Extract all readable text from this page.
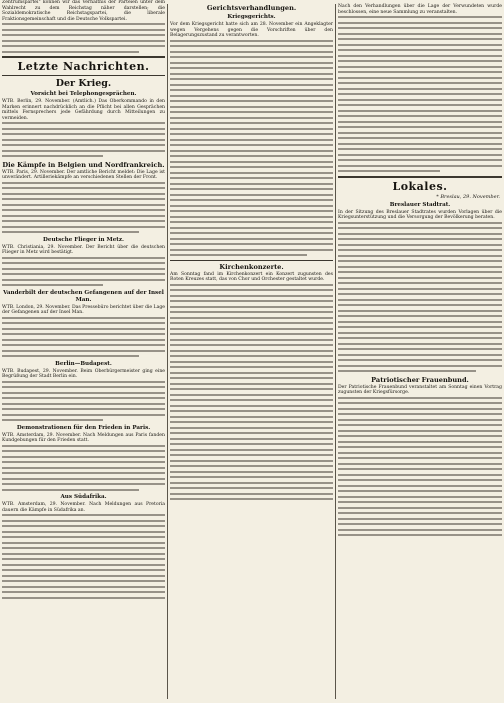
Zentrumspartei" können wir das Verhältnis der Parteien unter dem Wahlrecht zu dem Reichstag näher darstellen; die Sozialdemokratische Reichstagspartei, die liberale Fraktionsgemeinschaft und die Deutsche Volkspartei.

Letzte Nachrichten.
Der Krieg.
Vorsicht bei Telephongesprächen.

WTB. Berlin, 29. November. (Amtlich.) Das Oberkommando in den Marken erinnert nachdrücklich an die Pflicht bei allen Gesprächen mittels Fernsprechers jede Gefährdung durch Mitteilungen zu vermeiden.

Die Kämpfe in Belgien und Nordfrankreich.

WTB. Paris, 29. November. Der amtliche Bericht meldet: Die Lage ist unverändert. Artilleriekämpfe an verschiedenen Stellen der Front.

Deutsche Flieger in Metz.

WTB. Christiania, 29. November. Der Bericht über die deutschen Flieger in Metz wird bestätigt.

Vanderbilt der deutschen Gefangenen auf der Insel Man.

WTB. London, 29. November. Das Pressebüro berichtet über die Lage der Gefangenen auf der Insel Man.

Berlin—Budapest.

WTB. Budapest, 29. November. Beim Oberbürgermeister ging eine Begrüßung der Stadt Berlin ein.

Demonstrationen für den Frieden in Paris.

WTB. Amsterdam, 29. November. Nach Meldungen aus Paris fanden Kundgebungen für den Frieden statt.

Aus Südafrika.

WTB. Amsterdam, 29. November. Nach Meldungen aus Pretoria dauern die Kämpfe in Südafrika an.

Gerichtsverhandlungen.
Kriegsgerichts.

Vor dem Kriegsgericht hatte sich am 28. November ein Angeklagter wegen Vergehens gegen die Vorschriften über den Belagerungszustand zu verantworten.

Kirchenkonzerte.

Am Sonntag fand im Kirchenkonzert ein Konzert zugunsten des Roten Kreuzes statt, das von Chor und Orchester gestaltet wurde.

Nach den Verhandlungen über die Lage der Verwundeten wurde beschlossen, eine neue Sammlung zu veranstalten.

Lokales.
* Breslau, 29. November.
Breslauer Stadtrat.

In der Sitzung des Breslauer Stadtrates wurden Vorlagen über die Kriegsunterstützung und die Versorgung der Bevölkerung beraten.

Patriotischer Frauenbund.

Der Patriotische Frauenbund veranstaltet am Sonntag einen Vortrag zugunsten der Kriegsfürsorge.
